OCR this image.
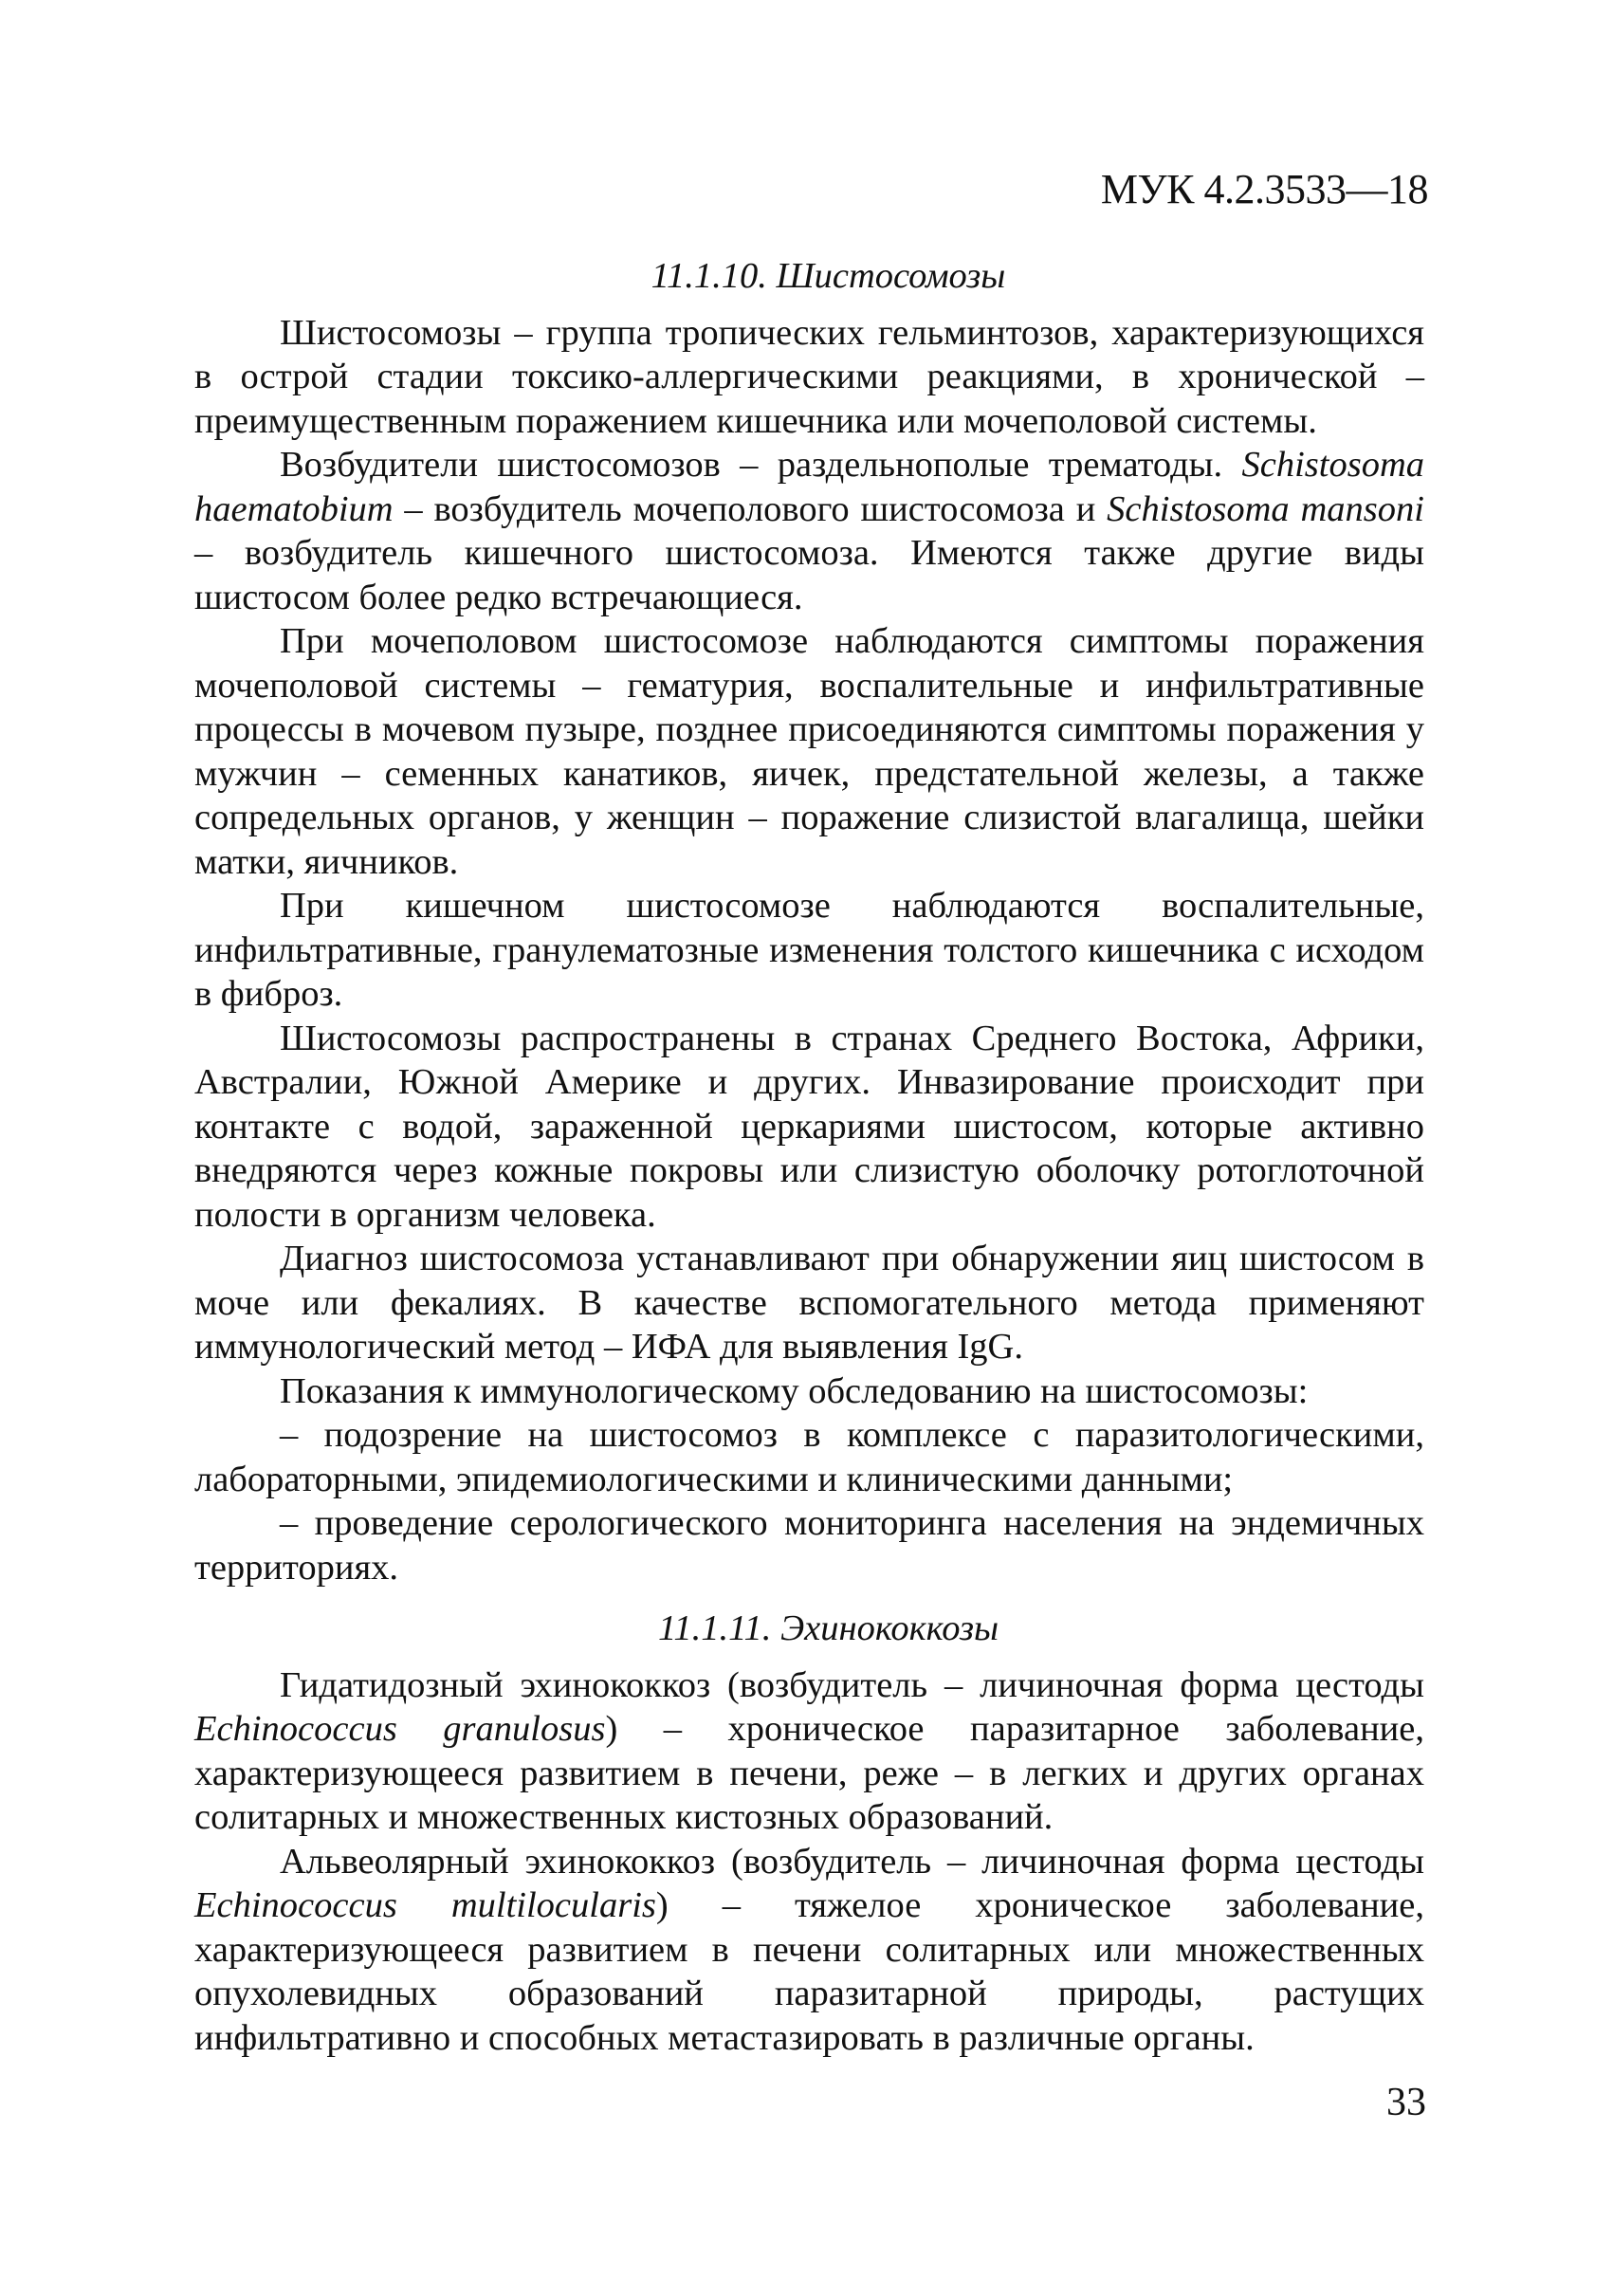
МУК 4.2.3533—18
11.1.10. Шистосомозы

Шистосомозы – группа тропических гельминтозов, характеризующихся в острой стадии токсико-аллергическими реакциями, в хронической – преимущественным поражением кишечника или мочеполовой системы.

Возбудители шистосомозов – раздельнополые трематоды. Schistosoma haematobium – возбудитель мочеполового шистосомоза и Schistosoma mansoni – возбудитель кишечного шистосомоза. Имеются также другие виды шистосом более редко встречающиеся.

При мочеполовом шистосомозе наблюдаются симптомы поражения мочеполовой системы – гематурия, воспалительные и инфильтративные процессы в мочевом пузыре, позднее присоединяются симптомы поражения у мужчин – семенных канатиков, яичек, предстательной железы, а также сопредельных органов, у женщин – поражение слизистой влагалища, шейки матки, яичников.

При кишечном шистосомозе наблюдаются воспалительные, инфильтративные, гранулематозные изменения толстого кишечника с исходом в фиброз.

Шистосомозы распространены в странах Среднего Востока, Африки, Австралии, Южной Америке и других. Инвазирование происходит при контакте с водой, зараженной церкариями шистосом, которые активно внедряются через кожные покровы или слизистую оболочку ротоглоточной полости в организм человека.

Диагноз шистосомоза устанавливают при обнаружении яиц шистосом в моче или фекалиях. В качестве вспомогательного метода применяют иммунологический метод – ИФА для выявления IgG.

Показания к иммунологическому обследованию на шистосомозы:

– подозрение на шистосомоз в комплексе с паразитологическими, лабораторными, эпидемиологическими и клиническими данными;

– проведение серологического мониторинга населения на эндемичных территориях.

11.1.11. Эхинококкозы

Гидатидозный эхинококкоз (возбудитель – личиночная форма цестоды Echinococcus granulosus) – хроническое паразитарное заболевание, характеризующееся развитием в печени, реже – в легких и других органах солитарных и множественных кистозных образований.

Альвеолярный эхинококкоз (возбудитель – личиночная форма цестоды Echinococcus multilocularis) – тяжелое хроническое заболевание, характеризующееся развитием в печени солитарных или множественных опухолевидных образований паразитарной природы, растущих инфильтративно и способных метастазировать в различные органы.

33
